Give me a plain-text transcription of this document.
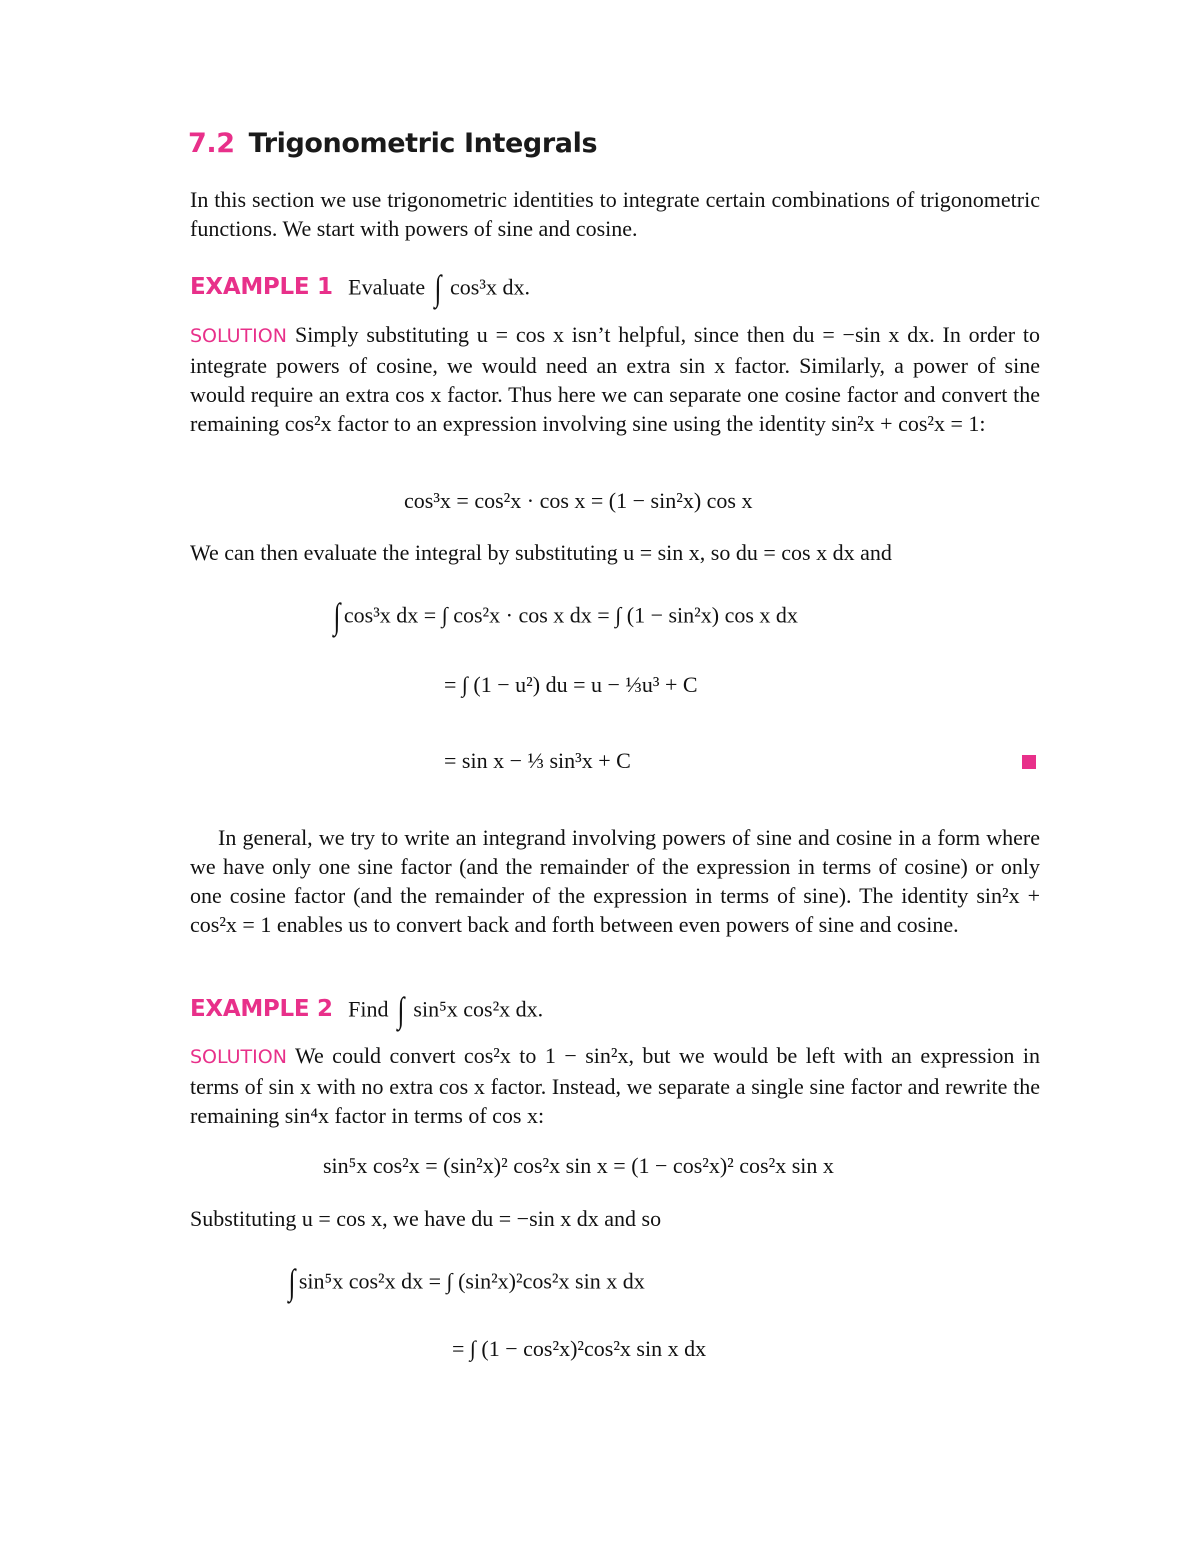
7.2 Trigonometric Integrals
In this section we use trigonometric identities to integrate certain combinations of trigonometric functions. We start with powers of sine and cosine.
EXAMPLE 1 Evaluate ∫ cos³x dx.
SOLUTION Simply substituting u = cos x isn’t helpful, since then du = −sin x dx. In order to integrate powers of cosine, we would need an extra sin x factor. Similarly, a power of sine would require an extra cos x factor. Thus here we can separate one cosine factor and convert the remaining cos²x factor to an expression involving sine using the identity sin²x + cos²x = 1:
cos³x = cos²x · cos x = (1 − sin²x) cos x
We can then evaluate the integral by substituting u = sin x, so du = cos x dx and
∫ cos³x dx = ∫ cos²x · cos x dx = ∫ (1 − sin²x) cos x dx
= ∫ (1 − u²) du = u − ⅓u³ + C
= sin x − ⅓ sin³x + C
In general, we try to write an integrand involving powers of sine and cosine in a form where we have only one sine factor (and the remainder of the expression in terms of cosine) or only one cosine factor (and the remainder of the expression in terms of sine). The identity sin²x + cos²x = 1 enables us to convert back and forth between even powers of sine and cosine.
EXAMPLE 2 Find ∫ sin⁵x cos²x dx.
SOLUTION We could convert cos²x to 1 − sin²x, but we would be left with an expression in terms of sin x with no extra cos x factor. Instead, we separate a single sine factor and rewrite the remaining sin⁴x factor in terms of cos x:
sin⁵x cos²x = (sin²x)² cos²x sin x = (1 − cos²x)² cos²x sin x
Substituting u = cos x, we have du = −sin x dx and so
∫ sin⁵x cos²x dx = ∫ (sin²x)²cos²x sin x dx
= ∫ (1 − cos²x)²cos²x sin x dx
